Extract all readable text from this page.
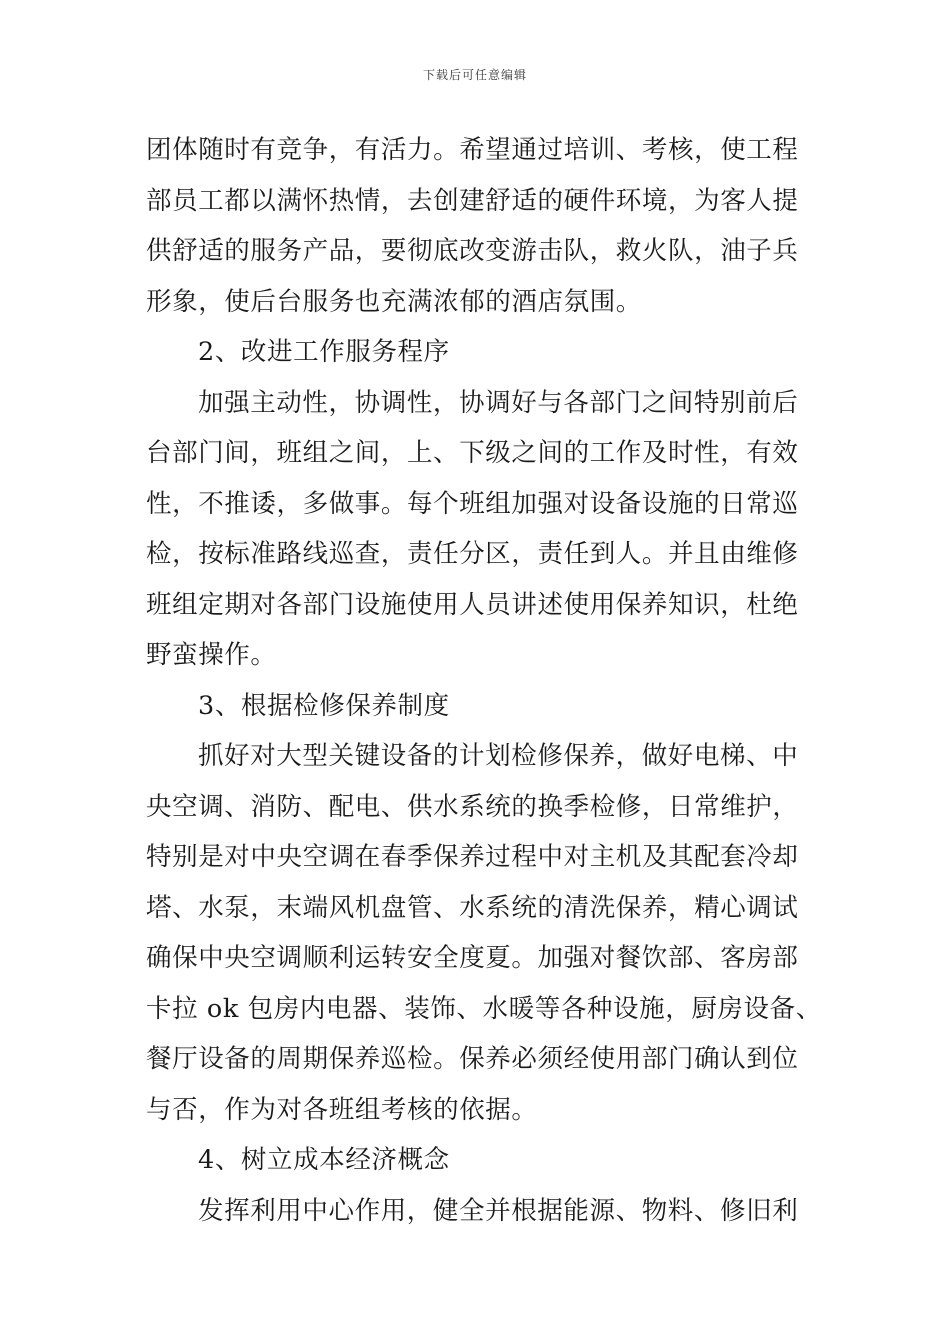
下载后可任意编辑
团体随时有竞争，有活力。希望通过培训、考核，使工程
部员工都以满怀热情，去创建舒适的硬件环境，为客人提
供舒适的服务产品，要彻底改变游击队，救火队，油子兵
形象，使后台服务也充满浓郁的酒店氛围。
2、改进工作服务程序
加强主动性，协调性，协调好与各部门之间特别前后
台部门间，班组之间，上、下级之间的工作及时性，有效
性，不推诿，多做事。每个班组加强对设备设施的日常巡
检，按标准路线巡查，责任分区，责任到人。并且由维修
班组定期对各部门设施使用人员讲述使用保养知识，杜绝
野蛮操作。
3、根据检修保养制度
抓好对大型关键设备的计划检修保养，做好电梯、中
央空调、消防、配电、供水系统的换季检修，日常维护，
特别是对中央空调在春季保养过程中对主机及其配套冷却
塔、水泵，末端风机盘管、水系统的清洗保养，精心调试
确保中央空调顺利运转安全度夏。加强对餐饮部、客房部
卡拉 ok 包房内电器、装饰、水暖等各种设施，厨房设备、
餐厅设备的周期保养巡检。保养必须经使用部门确认到位
与否，作为对各班组考核的依据。
4、树立成本经济概念
发挥利用中心作用，健全并根据能源、物料、修旧利
